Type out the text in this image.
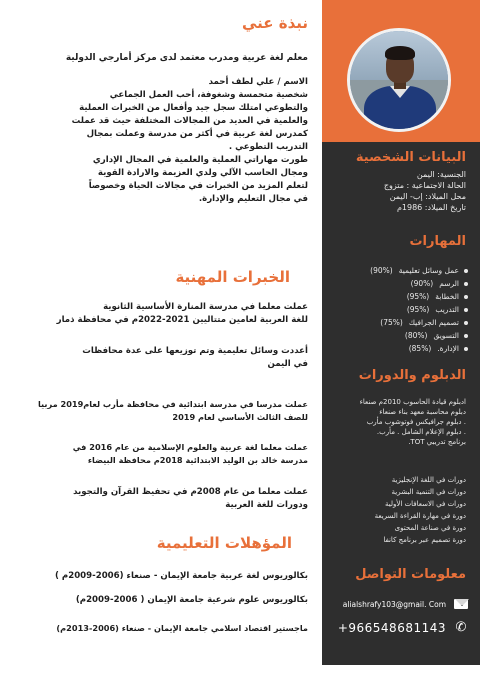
البيانات الشخصية
الجنسية: اليمن
الحالة الاجتماعية : متزوج
محل الميلاد: إب- اليمن
تاريخ الميلاد: 1986م
المهارات
عمل وسائل تعليمية(90%)
الرسم(90%)
الخطابة(95%)
التدريب(95%)
تصميم الجرافيك(75%)
التسويق(80%)
الإدارة.(85%)
الدبلوم والدورات
ادبلوم قيادة الحاسوب 2010م صنعاء
دبلوم محاسبة معهد بناء صنعاء
. دبلوم جرافيكس فوتوشوب مأرب
. دبلوم الإعلام الشامل . مأرب.
برنامج تدريبي TOT.
دورات في اللغة الإنجليزية
دورات في التنمية البشرية
دورات في الاسعافات الأولية
دورة في مهارة القراءة السريعة
دورة في صناعة المحتوى
دورة تصميم عبر برنامج كانفا
معلومات التواصل
alialshrafy103@gmail. Com
✆
+966548681143
نبذة عني
معلم لغة عربية ومدرب معتمد لدى مركز أمارجي الدولية
الاسم / علي لطف أحمد
شخصية متحمسة وشغوفة، أحب العمل الجماعي
والتطوعي امتلك سجل جيد وأفعال من الخبرات العملية
والعلمية في العديد من المجالات المختلفة حيث قد عملت
كمدرس لغة عربية في أكثر من مدرسة وعملت بمجال
التدريب التطوعي .
طورت مهاراتي العملية والعلمية في المجال الإداري
ومجال الحاسب الآلي ولدي العزيمة والارادة القوية
لتعلم المزيد من الخبرات في مجالات الحياة وخصوصاً
في مجال التعليم والإدارة.
الخبرات المهنية
عملت معلما في مدرسة المنارة الأساسية الثانوية
للغة العربية لعامين متتاليين 2021-2022م في محافظة ذمار
أعددت وسائل تعليمية وتم توزيعها على عدة محافظات
في اليمن
عملت مدرسا في مدرسة ابتدائية في محافظة مأرب لعام2019 مربيا
للصف الثالث الأساسي لعام 2019
عملت معلما لغة عربية والعلوم الإسلامية من عام 2016 في
مدرسة خالد بن الوليد الابتدائية 2018م محافظة البيضاء
عملت معلما من عام 2008م في تحفيظ القرآن والتجويد
ودورات للغة العربية
المؤهلات التعليمية
بكالوريوس لغة عربية جامعة الإيمان - صنعاء (2006-2009م )
بكالوريوس علوم شرعية جامعة الإيمان ( 2006-2009م)
ماجستير اقتصاد اسلامي جامعة الإيمان - صنعاء (2006-2013م)
